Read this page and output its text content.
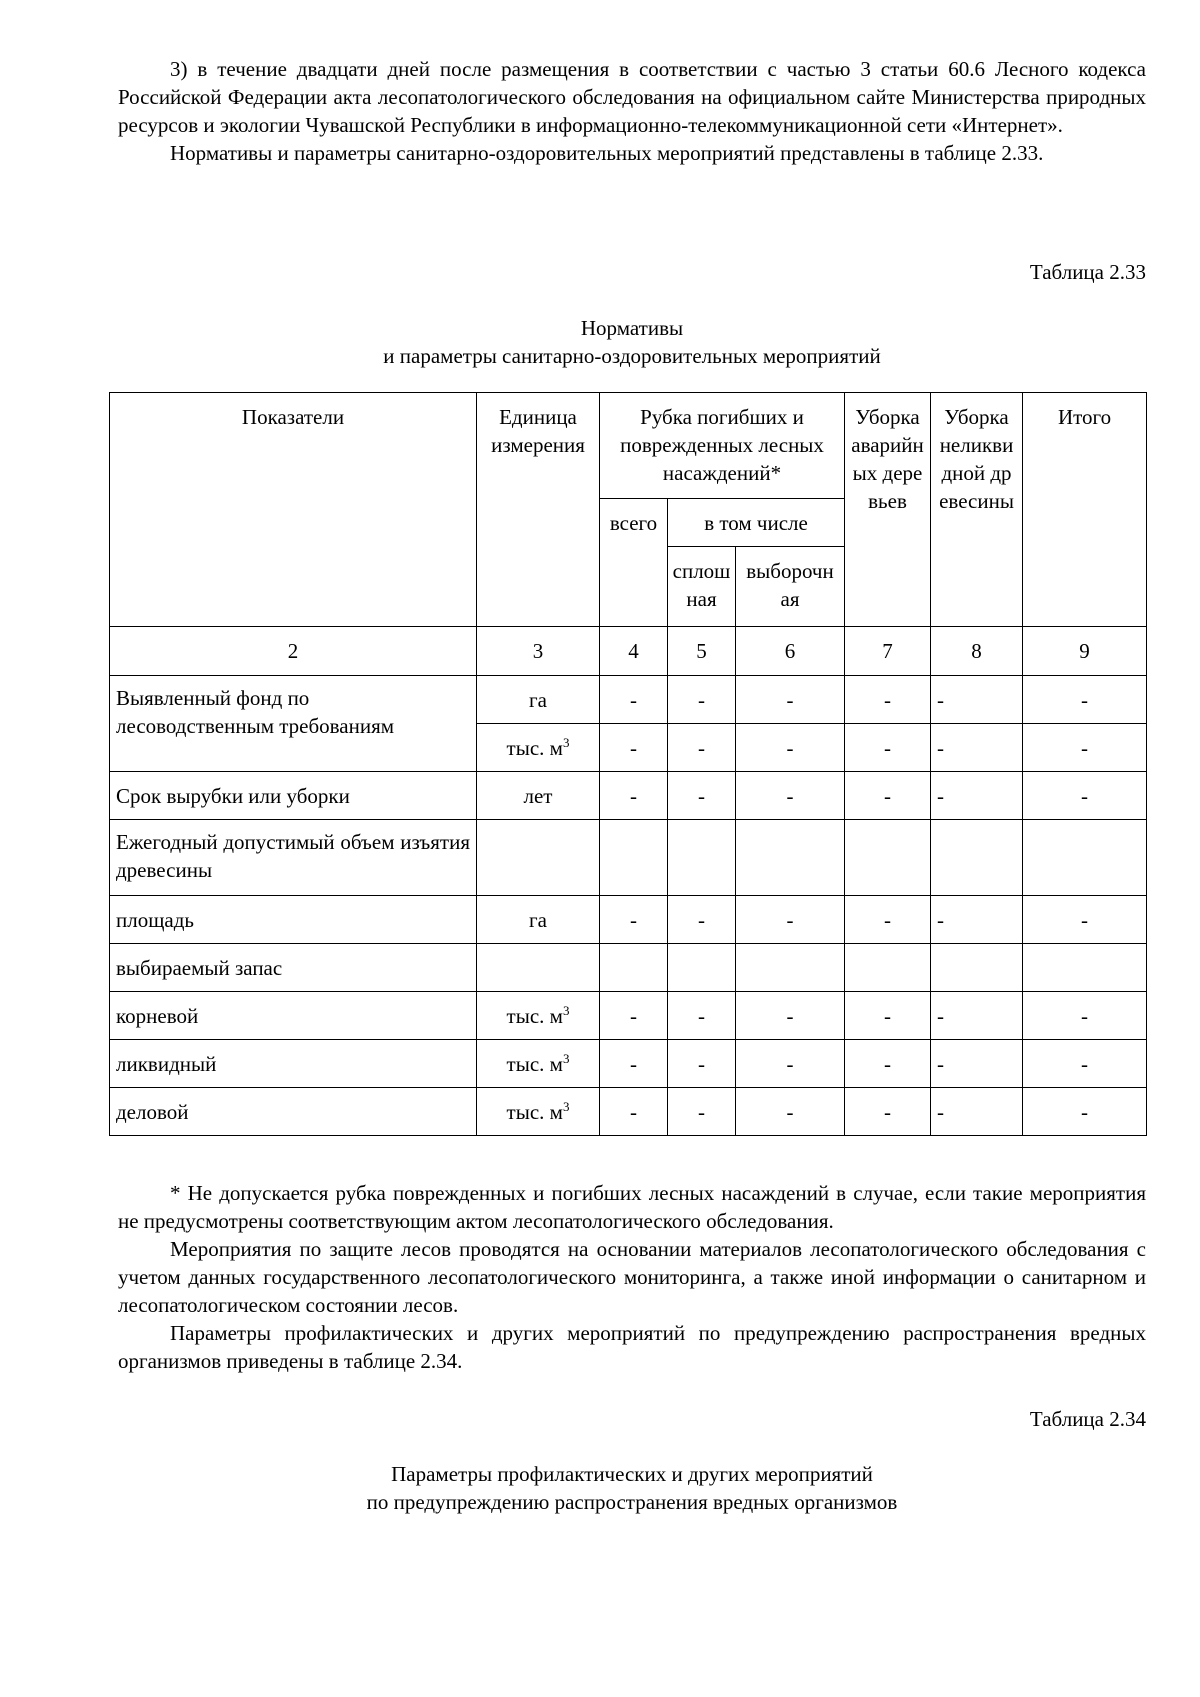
3) в течение двадцати дней после размещения в соответствии с частью 3 статьи 60.6 Лесного кодекса Российской Федерации акта лесопатологического обследования на официальном сайте Министерства природных ресурсов и экологии Чувашской Республики в информационно-телекоммуникационной сети «Интернет».

Нормативы и параметры санитарно-оздоровительных мероприятий представлены в таблице 2.33.

Таблица 2.33
Нормативы
и параметры санитарно-оздоровительных мероприятий
Показатели	Единица измерения	Рубка погибших и поврежденных лесных насаждений*			Уборка аварийных деревьев	Уборка неликвидной древесины	Итого
		всего	в том числе				
			сплошная	выборочная			
2	3	4	5	6	7	8	9

Выявленный фонд по лесоводственным требованиям	га	-	-	-	-	-	-
	тыс. $м^3$	-	-	-	-	-	-
Срок вырубки или уборки	лет	-	-	-	-	-	-
Ежегодный допустимый объем изъятия древесины							
площадь	га	-	-	-	-	-	-
выбираемый запас							
корневой	тыс. $м^3$	-	-	-	-	-	-
ликвидный	тыс. $м^3$	-	-	-	-	-	-
деловой	тыс. $м^3$	-	-	-	-	-	-

* Не допускается рубка поврежденных и погибших лесных насаждений в случае, если такие мероприятия не предусмотрены соответствующим актом лесопатологического обследования.

Мероприятия по защите лесов проводятся на основании материалов лесопатологического обследования с учетом данных государственного лесопатологического мониторинга, а также иной информации о санитарном и лесопатологическом состоянии лесов.

Параметры профилактических и других мероприятий по предупреждению распространения вредных организмов приведены в таблице 2.34.

Таблица 2.34
Параметры профилактических и других мероприятий
по предупреждению распространения вредных организмов
